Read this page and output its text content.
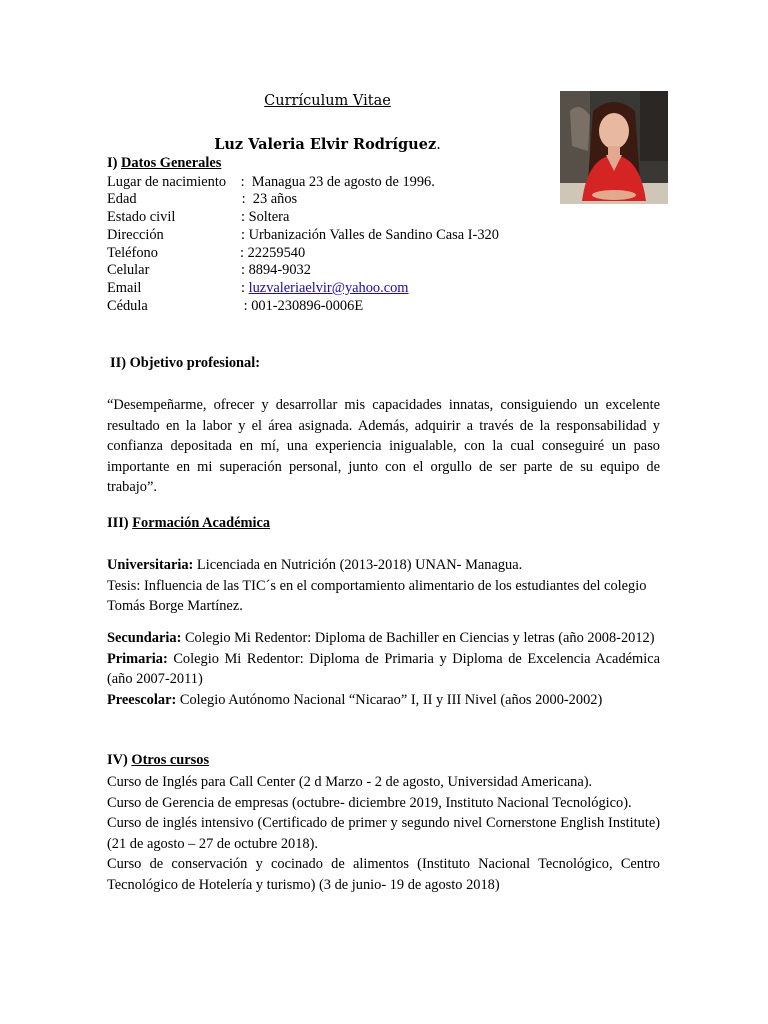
Currículum Vitae
Luz Valeria Elvir Rodríguez.
I) Datos Generales
Lugar de nacimiento :  Managua 23 de agosto de 1996.
Edad	:  23 años
Estado civil	: Soltera
Dirección	: Urbanización Valles de Sandino Casa I-320
Teléfono	: 22259540
Celular	: 8894-9032
Email	: luzvaleriaelvir@yahoo.com
Cédula	: 001-230896-0006E
II) Objetivo profesional:
“Desempeñarme, ofrecer y desarrollar mis capacidades innatas, consiguiendo un excelente resultado en la labor y el área asignada. Además, adquirir a través de la responsabilidad y confianza depositada en mí, una experiencia inigualable, con la cual conseguiré un paso importante en mi superación personal, junto con el orgullo de ser parte de su equipo de trabajo”.
III) Formación Académica

Universitaria: Licenciada en Nutrición (2013-2018) UNAN- Managua.

Tesis: Influencia de las TIC´s en el comportamiento alimentario de los estudiantes del colegio Tomás Borge Martínez.

Secundaria: Colegio Mi Redentor: Diploma de Bachiller en Ciencias y letras (año 2008-2012)

Primaria: Colegio Mi Redentor: Diploma de Primaria y Diploma de Excelencia Académica (año 2007-2011)

Preescolar: Colegio Autónomo Nacional “Nicarao” I, II y III Nivel (años 2000-2002)

IV) Otros cursos

Curso de Inglés para Call Center (2 d Marzo - 2 de agosto, Universidad Americana).

Curso de Gerencia de empresas (octubre- diciembre 2019, Instituto Nacional Tecnológico).

Curso de inglés intensivo (Certificado de primer y segundo nivel Cornerstone English Institute) (21 de agosto – 27 de octubre 2018).

Curso de conservación y cocinado de alimentos (Instituto Nacional Tecnológico, Centro Tecnológico de Hotelería y turismo) (3 de junio- 19 de agosto 2018)
